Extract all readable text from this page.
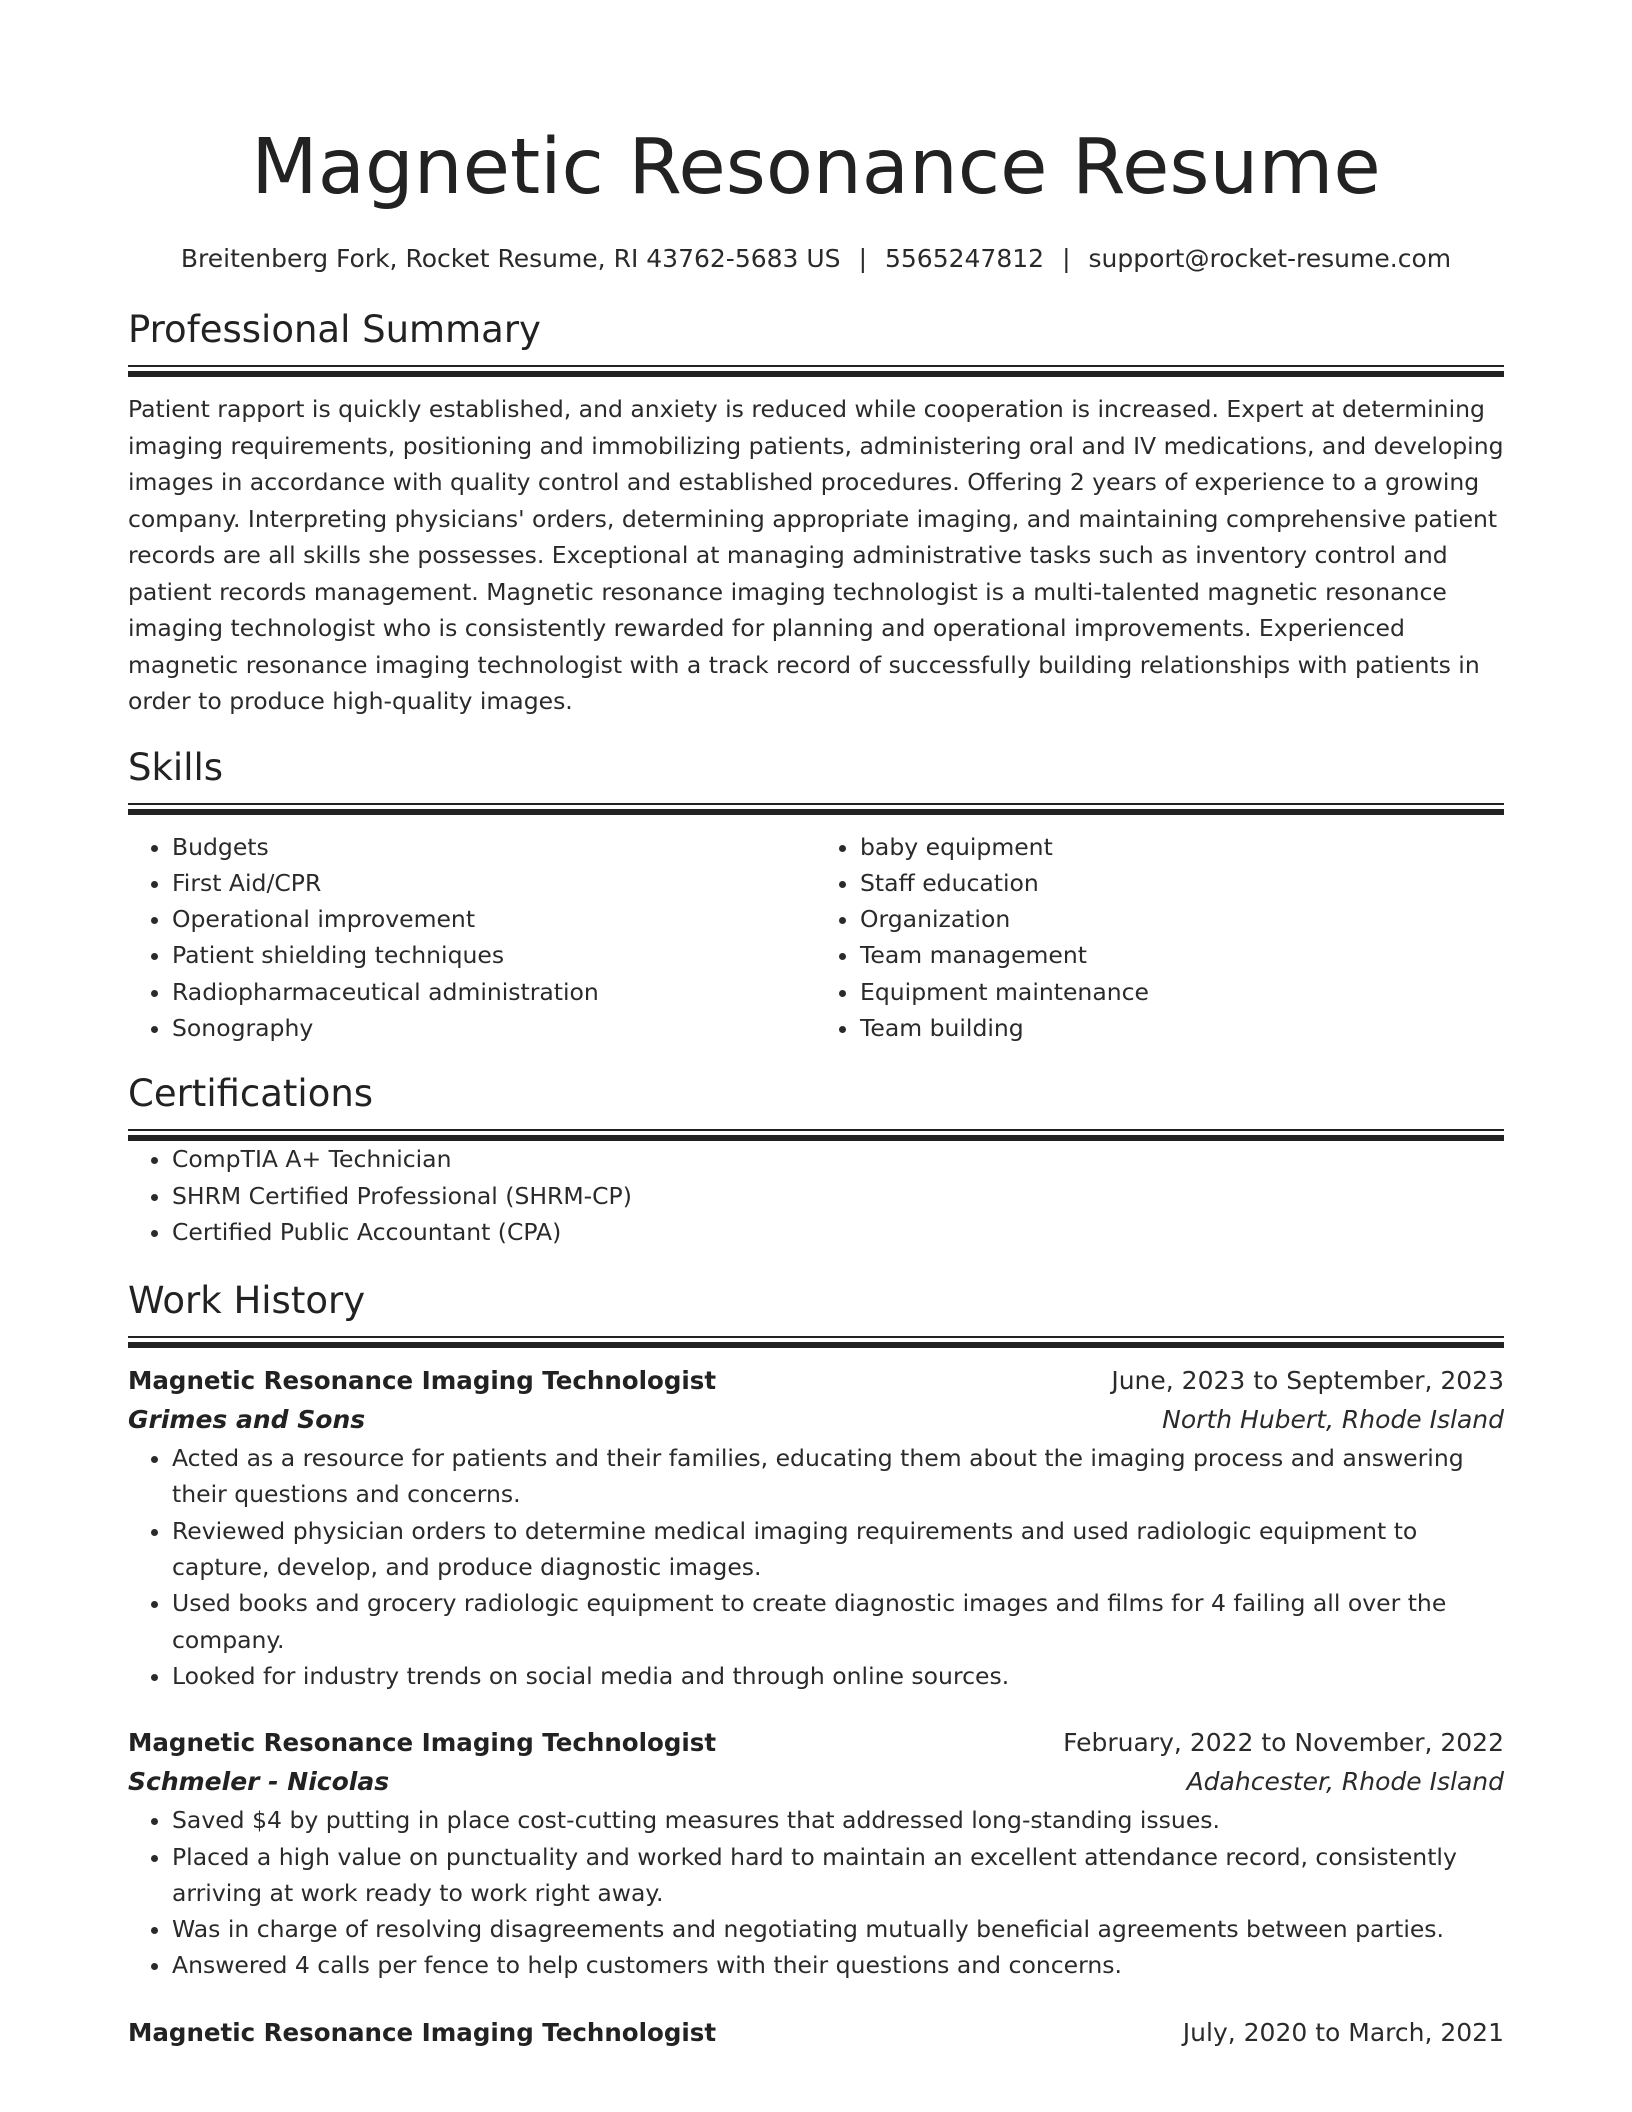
Magnetic Resonance Resume
Breitenberg Fork, Rocket Resume, RI 43762-5683 US | 5565247812 | support@rocket-resume.com
Professional Summary

Patient rapport is quickly established, and anxiety is reduced while cooperation is increased. Expert at determining imaging requirements, positioning and immobilizing patients, administering oral and IV medications, and developing images in accordance with quality control and established procedures. Offering 2 years of experience to a growing company. Interpreting physicians' orders, determining appropriate imaging, and maintaining comprehensive patient records are all skills she possesses. Exceptional at managing administrative tasks such as inventory control and patient records management. Magnetic resonance imaging technologist is a multi-talented magnetic resonance imaging technologist who is consistently rewarded for planning and operational improvements. Experienced magnetic resonance imaging technologist with a track record of successfully building relationships with patients in order to produce high-quality images.

Skills
• Budgets
• First Aid/CPR
• Operational improvement
• Patient shielding techniques
• Radiopharmaceutical administration
• Sonography
• baby equipment
• Staff education
• Organization
• Team management
• Equipment maintenance
• Team building
Certifications
• CompTIA A+ Technician
• SHRM Certified Professional (SHRM-CP)
• Certified Public Accountant (CPA)
Work History
Magnetic Resonance Imaging Technologist	June, 2023 to September, 2023
Grimes and Sons	North Hubert, Rhode Island
• Acted as a resource for patients and their families, educating them about the imaging process and answering their questions and concerns.
• Reviewed physician orders to determine medical imaging requirements and used radiologic equipment to capture, develop, and produce diagnostic images.
• Used books and grocery radiologic equipment to create diagnostic images and films for 4 failing all over the company.
• Looked for industry trends on social media and through online sources.
Magnetic Resonance Imaging Technologist	February, 2022 to November, 2022
Schmeler - Nicolas	Adahcester, Rhode Island
• Saved $4 by putting in place cost-cutting measures that addressed long-standing issues.
• Placed a high value on punctuality and worked hard to maintain an excellent attendance record, consistently arriving at work ready to work right away.
• Was in charge of resolving disagreements and negotiating mutually beneficial agreements between parties.
• Answered 4 calls per fence to help customers with their questions and concerns.
Magnetic Resonance Imaging Technologist	July, 2020 to March, 2021
